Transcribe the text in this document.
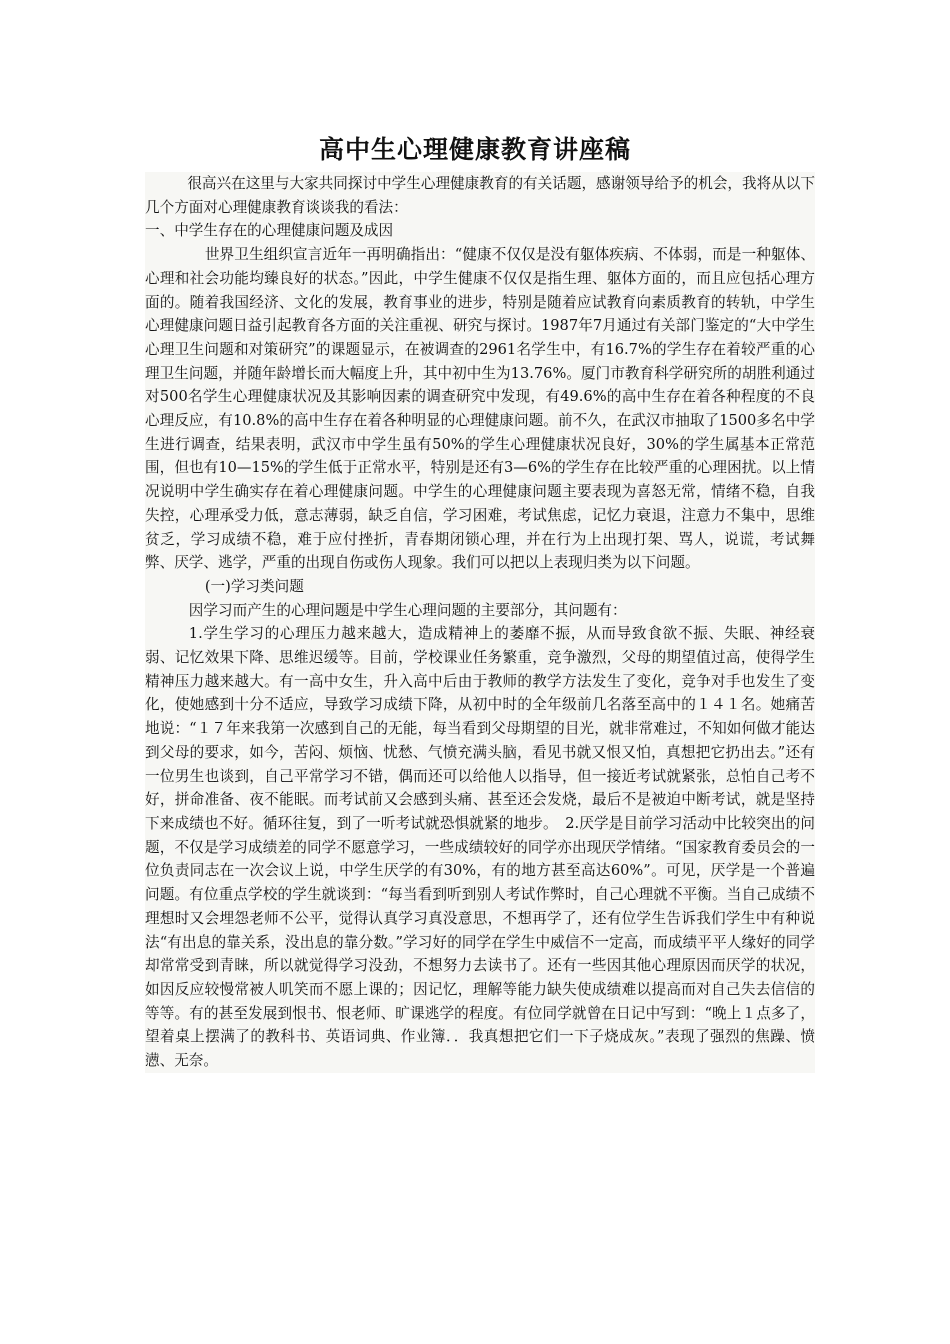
高中生心理健康教育讲座稿

很高兴在这里与大家共同探讨中学生心理健康教育的有关话题，感谢领导给予的机会，我将从以下几个方面对心理健康教育谈谈我的看法：

一、中学生存在的心理健康问题及成因

世界卫生组织宣言近年一再明确指出：“健康不仅仅是没有躯体疾病、不体弱，而是一种躯体、心理和社会功能均臻良好的状态。”因此，中学生健康不仅仅是指生理、躯体方面的，而且应包括心理方面的。随着我国经济、文化的发展，教育事业的进步，特别是随着应试教育向素质教育的转轨，中学生心理健康问题日益引起教育各方面的关注重视、研究与探讨。1987年7月通过有关部门鉴定的“大中学生心理卫生问题和对策研究”的课题显示，在被调查的2961名学生中，有16.7%的学生存在着较严重的心理卫生问题，并随年龄增长而大幅度上升，其中初中生为13.76%。厦门市教育科学研究所的胡胜利通过对500名学生心理健康状况及其影响因素的调查研究中发现，有49.6%的高中生存在着各种程度的不良心理反应，有10.8%的高中生存在着各种明显的心理健康问题。前不久，在武汉市抽取了1500多名中学生进行调查，结果表明，武汉市中学生虽有50%的学生心理健康状况良好，30%的学生属基本正常范围，但也有10—15%的学生低于正常水平，特别是还有3—6%的学生存在比较严重的心理困扰。以上情况说明中学生确实存在着心理健康问题。中学生的心理健康问题主要表现为喜怒无常，情绪不稳，自我失控，心理承受力低，意志薄弱，缺乏自信，学习困难，考试焦虑，记忆力衰退，注意力不集中，思维贫乏，学习成绩不稳，难于应付挫折，青春期闭锁心理，并在行为上出现打架、骂人，说谎，考试舞弊、厌学、逃学，严重的出现自伤或伤人现象。我们可以把以上表现归类为以下问题。

(一)学习类问题

因学习而产生的心理问题是中学生心理问题的主要部分，其问题有：

1.学生学习的心理压力越来越大，造成精神上的萎靡不振，从而导致食欲不振、失眠、神经衰弱、记忆效果下降、思维迟缓等。目前，学校课业任务繁重，竞争激烈，父母的期望值过高，使得学生精神压力越来越大。有一高中女生，升入高中后由于教师的教学方法发生了变化，竞争对手也发生了变化，使她感到十分不适应，导致学习成绩下降，从初中时的全年级前几名落至高中的１４１名。她痛苦地说：“１７年来我第一次感到自己的无能，每当看到父母期望的目光，就非常难过，不知如何做才能达到父母的要求，如今，苦闷、烦恼、忧愁、气愤充满头脑，看见书就又恨又怕，真想把它扔出去。”还有一位男生也谈到，自己平常学习不错，偶而还可以给他人以指导，但一接近考试就紧张，总怕自己考不好，拼命准备、夜不能眠。而考试前又会感到头痛、甚至还会发烧，最后不是被迫中断考试，就是坚持下来成绩也不好。循环往复，到了一听考试就恐惧就紧的地步。　2.厌学是目前学习活动中比较突出的问题，不仅是学习成绩差的同学不愿意学习，一些成绩较好的同学亦出现厌学情绪。“国家教育委员会的一位负责同志在一次会议上说，中学生厌学的有30%，有的地方甚至高达60%”。可见，厌学是一个普遍问题。有位重点学校的学生就谈到：“每当看到听到别人考试作弊时，自己心理就不平衡。当自己成绩不理想时又会埋怨老师不公平，觉得认真学习真没意思，不想再学了，还有位学生告诉我们学生中有种说法“有出息的靠关系，没出息的靠分数。”学习好的同学在学生中威信不一定高，而成绩平平人缘好的同学却常常受到青睐，所以就觉得学习没劲，不想努力去读书了。还有一些因其他心理原因而厌学的状况，如因反应较慢常被人叽笑而不愿上课的；因记忆，理解等能力缺失使成绩难以提高而对自己失去信信的等等。有的甚至发展到恨书、恨老师、旷课逃学的程度。有位同学就曾在日记中写到：“晚上１点多了，望着桌上摆满了的教科书、英语词典、作业簿．．我真想把它们一下子烧成灰。”表现了强烈的焦躁、愤懑、无奈。
